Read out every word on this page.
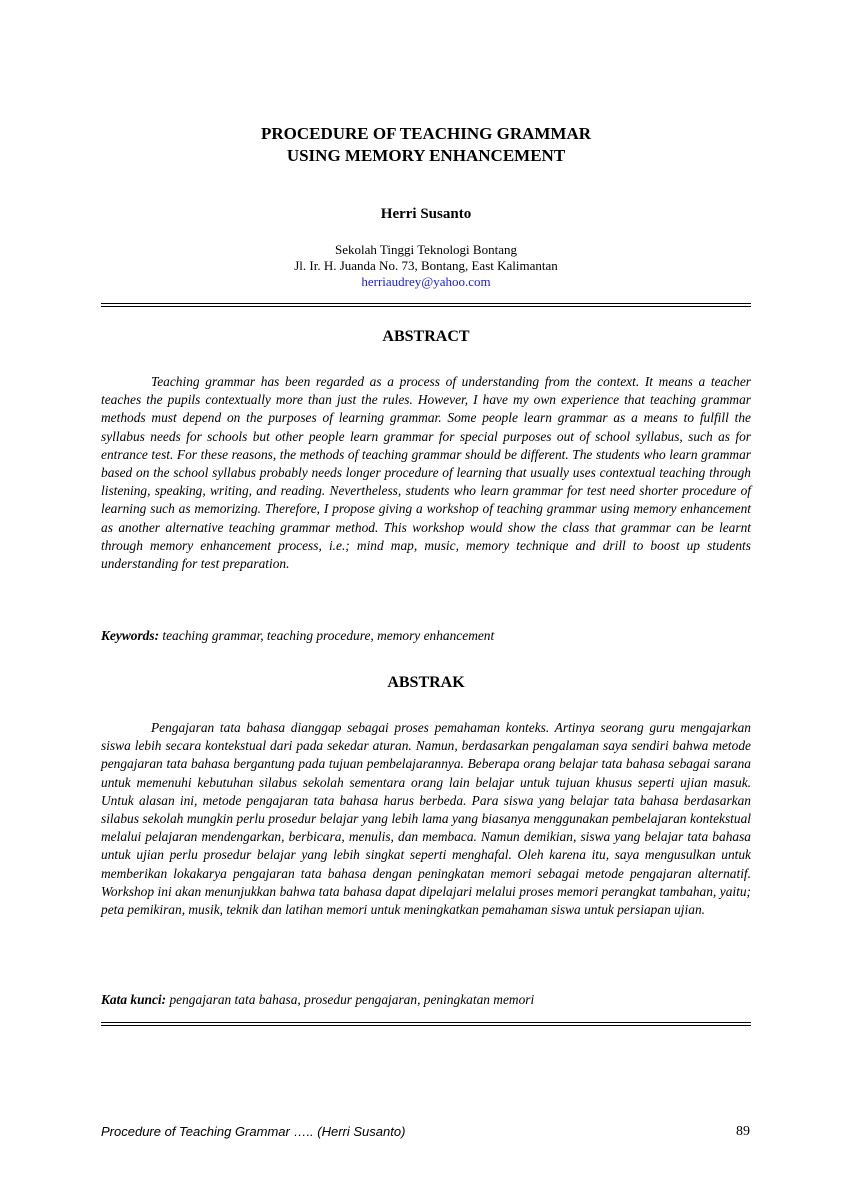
PROCEDURE OF TEACHING GRAMMAR
USING MEMORY ENHANCEMENT
Herri Susanto
Sekolah Tinggi Teknologi Bontang
Jl. Ir. H. Juanda No. 73, Bontang, East Kalimantan
herriaudrey@yahoo.com
ABSTRACT

Teaching grammar has been regarded as a process of understanding from the context. It means a teacher teaches the pupils contextually more than just the rules. However, I have my own experience that teaching grammar methods must depend on the purposes of learning grammar. Some people learn grammar as a means to fulfill the syllabus needs for schools but other people learn grammar for special purposes out of school syllabus, such as for entrance test. For these reasons, the methods of teaching grammar should be different. The students who learn grammar based on the school syllabus probably needs longer procedure of learning that usually uses contextual teaching through listening, speaking, writing, and reading. Nevertheless, students who learn grammar for test need shorter procedure of learning such as memorizing. Therefore, I propose giving a workshop of teaching grammar using memory enhancement as another alternative teaching grammar method. This workshop would show the class that grammar can be learnt through memory enhancement process, i.e.; mind map, music, memory technique and drill to boost up students understanding for test preparation.

Keywords: teaching grammar, teaching procedure, memory enhancement

ABSTRAK

Pengajaran tata bahasa dianggap sebagai proses pemahaman konteks. Artinya seorang guru mengajarkan siswa lebih secara kontekstual dari pada sekedar aturan. Namun, berdasarkan pengalaman saya sendiri bahwa metode pengajaran tata bahasa bergantung pada tujuan pembelajarannya. Beberapa orang belajar tata bahasa sebagai sarana untuk memenuhi kebutuhan silabus sekolah sementara orang lain belajar untuk tujuan khusus seperti ujian masuk. Untuk alasan ini, metode pengajaran tata bahasa harus berbeda. Para siswa yang belajar tata bahasa berdasarkan silabus sekolah mungkin perlu prosedur belajar yang lebih lama yang biasanya menggunakan pembelajaran kontekstual melalui pelajaran mendengarkan, berbicara, menulis, dan membaca. Namun demikian, siswa yang belajar tata bahasa untuk ujian perlu prosedur belajar yang lebih singkat seperti menghafal. Oleh karena itu, saya mengusulkan untuk memberikan lokakarya pengajaran tata bahasa dengan peningkatan memori sebagai metode pengajaran alternatif. Workshop ini akan menunjukkan bahwa tata bahasa dapat dipelajari melalui proses memori perangkat tambahan, yaitu; peta pemikiran, musik, teknik dan latihan memori untuk meningkatkan pemahaman siswa untuk persiapan ujian.

Kata kunci: pengajaran tata bahasa, prosedur pengajaran, peningkatan memori

Procedure of Teaching Grammar ….. (Herri Susanto)	89
